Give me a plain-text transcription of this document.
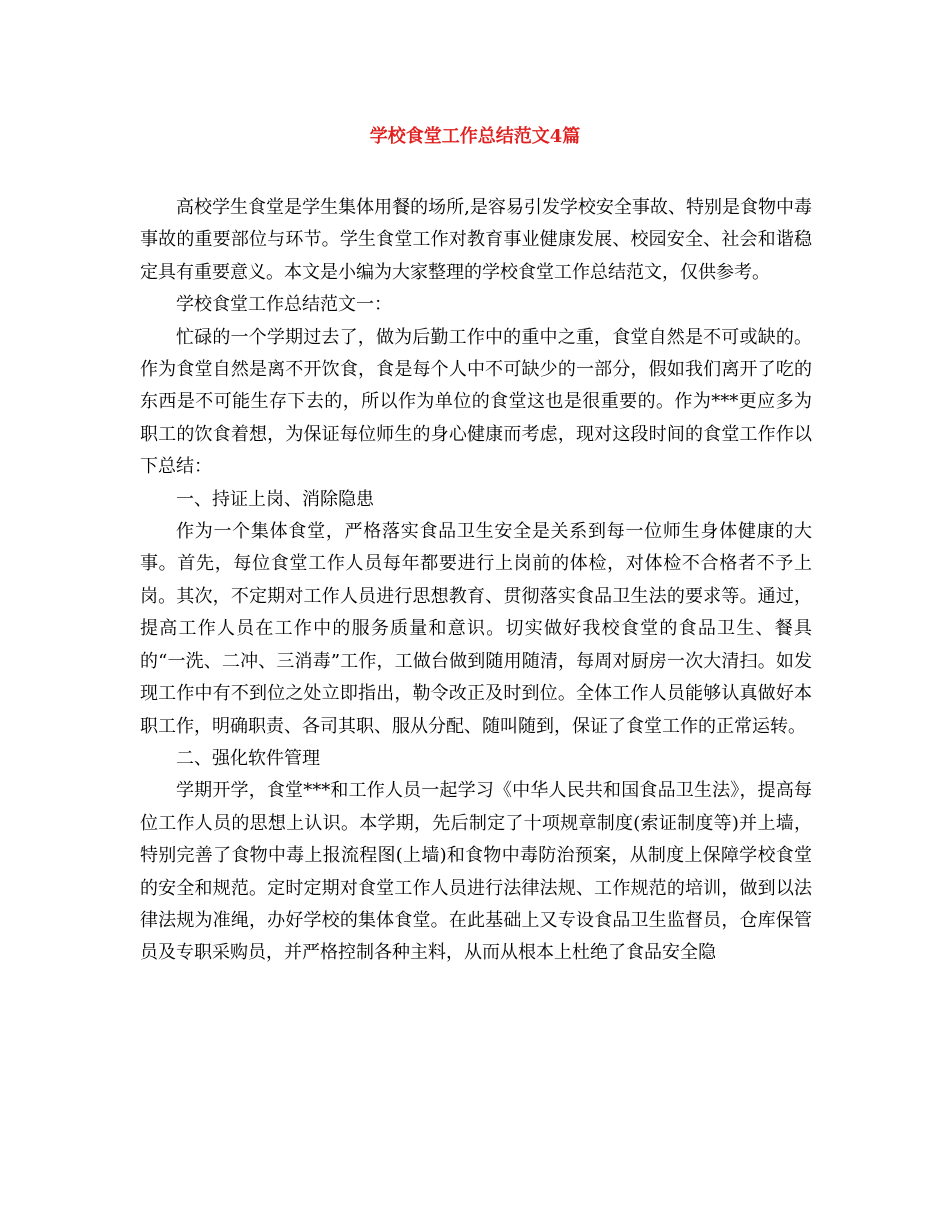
学校食堂工作总结范文4篇

高校学生食堂是学生集体用餐的场所,是容易引发学校安全事故、特别是食物中毒事故的重要部位与环节。学生食堂工作对教育事业健康发展、校园安全、社会和谐稳定具有重要意义。本文是小编为大家整理的学校食堂工作总结范文，仅供参考。

学校食堂工作总结范文一：

忙碌的一个学期过去了，做为后勤工作中的重中之重，食堂自然是不可或缺的。作为食堂自然是离不开饮食，食是每个人中不可缺少的一部分，假如我们离开了吃的东西是不可能生存下去的，所以作为单位的食堂这也是很重要的。作为***更应多为职工的饮食着想，为保证每位师生的身心健康而考虑，现对这段时间的食堂工作作以下总结：

一、持证上岗、消除隐患

作为一个集体食堂，严格落实食品卫生安全是关系到每一位师生身体健康的大事。首先，每位食堂工作人员每年都要进行上岗前的体检，对体检不合格者不予上岗。其次，不定期对工作人员进行思想教育、贯彻落实食品卫生法的要求等。通过，提高工作人员在工作中的服务质量和意识。切实做好我校食堂的食品卫生、餐具的“一洗、二冲、三消毒”工作，工做台做到随用随清，每周对厨房一次大清扫。如发现工作中有不到位之处立即指出，勒令改正及时到位。全体工作人员能够认真做好本职工作，明确职责、各司其职、服从分配、随叫随到，保证了食堂工作的正常运转。

二、强化软件管理

学期开学，食堂***和工作人员一起学习《中华人民共和国食品卫生法》，提高每位工作人员的思想上认识。本学期，先后制定了十项规章制度(索证制度等)并上墙，特别完善了食物中毒上报流程图(上墙)和食物中毒防治预案，从制度上保障学校食堂的安全和规范。定时定期对食堂工作人员进行法律法规、工作规范的培训，做到以法律法规为准绳，办好学校的集体食堂。在此基础上又专设食品卫生监督员，仓库保管员及专职采购员，并严格控制各种主料，从而从根本上杜绝了食品安全隐
